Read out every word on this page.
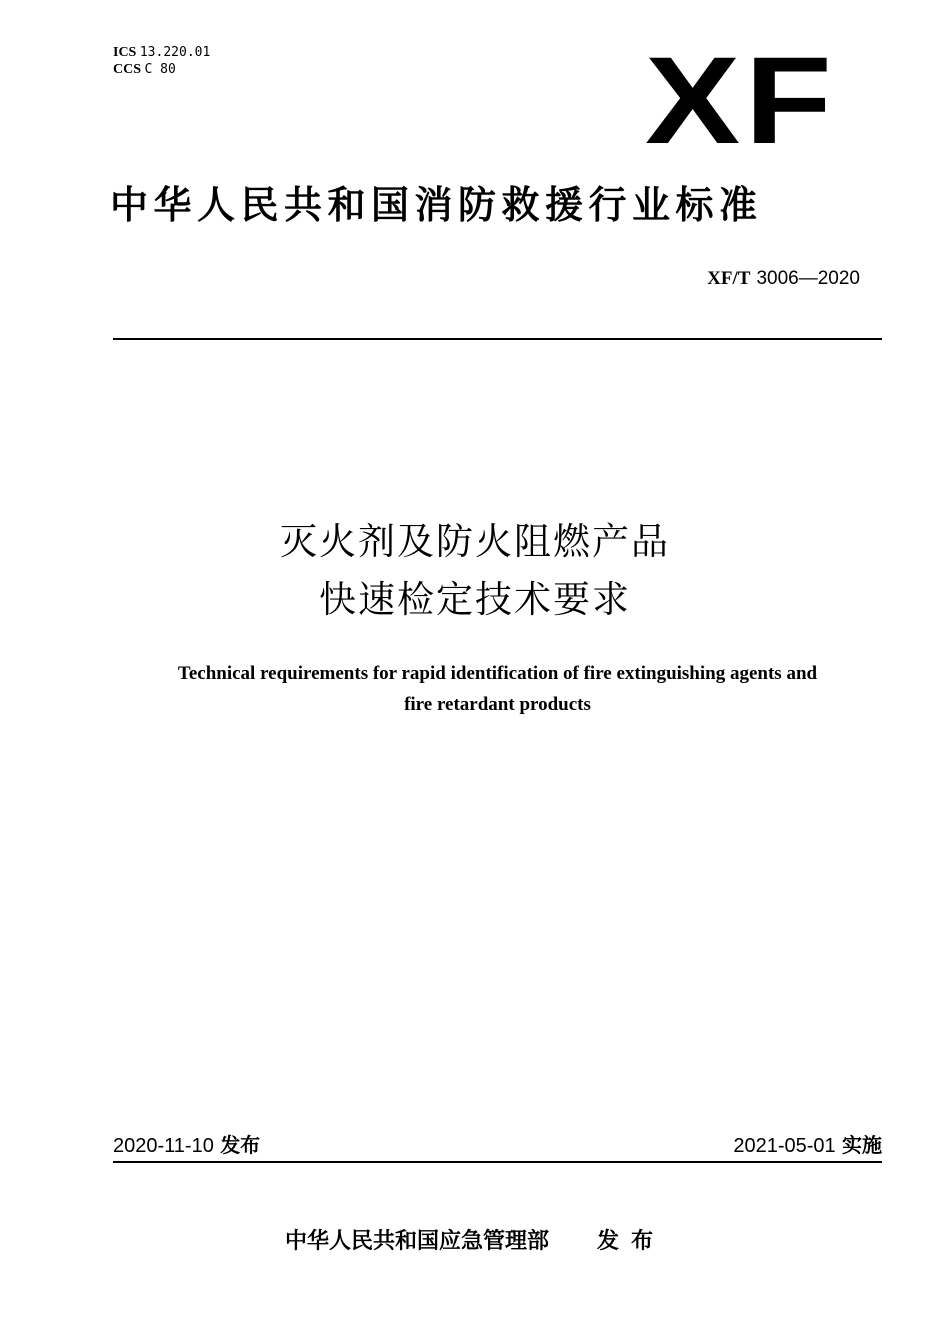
ICS 13.220.01
CCS C 80	XF
中华人民共和国消防救援行业标准
XF/T 3006—2020
灭火剂及防火阻燃产品
快速检定技术要求
Technical requirements for rapid identification of fire extinguishing agents and
fire retardant products
2020-11-10 发布	2021-05-01 实施
中华人民共和国应急管理部 发布
